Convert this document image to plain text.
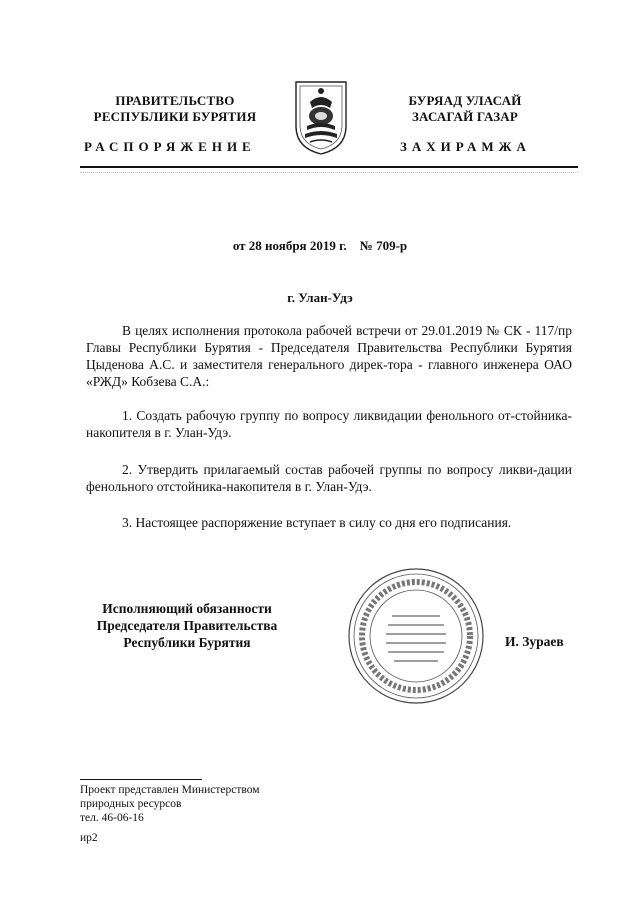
ПРАВИТЕЛЬСТВО
РЕСПУБЛИКИ БУРЯТИЯ
БУРЯАД УЛАСАЙ
ЗАСАГАЙ ГАЗАР
РАСПОРЯЖЕНИЕ	ЗАХИРАМЖА
от 28 ноября 2019 г.    № 709-р
г. Улан-Удэ
В целях исполнения протокола рабочей встречи от 29.01.2019 № СК - 117/пр Главы Республики Бурятия - Председателя Правительства Республики Бурятия Цыденова А.С. и заместителя генерального дирек-тора - главного инженера ОАО «РЖД» Кобзева С.А.:
1. Создать рабочую группу по вопросу ликвидации фенольного от-стойника-накопителя в г. Улан-Удэ.
2. Утвердить прилагаемый состав рабочей группы по вопросу ликви-дации фенольного отстойника-накопителя в г. Улан-Удэ.
3. Настоящее распоряжение вступает в силу со дня его подписания.
Исполняющий обязанности
Председателя Правительства
Республики Бурятия	И. Зураев
Проект представлен Министерством
природных ресурсов
тел. 46-06-16
ир2
